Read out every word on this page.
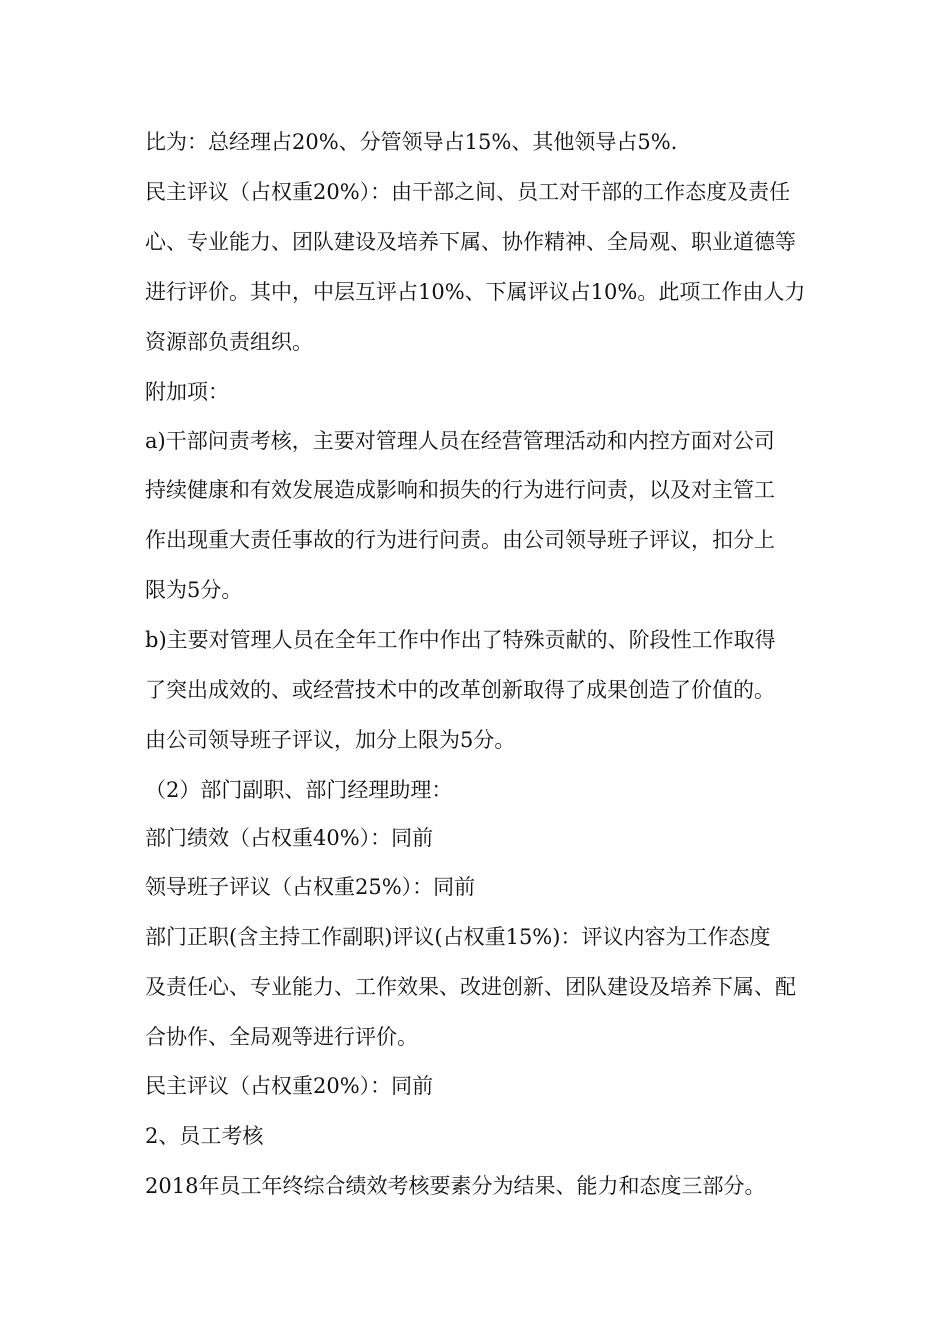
比为：总经理占20%、分管领导占15%、其他领导占5%.
民主评议（占权重20%）：由干部之间、员工对干部的工作态度及责任
心、专业能力、团队建设及培养下属、协作精神、全局观、职业道德等
进行评价。其中，中层互评占10%、下属评议占10%。此项工作由人力
资源部负责组织。
附加项：
a)干部问责考核，主要对管理人员在经营管理活动和内控方面对公司
持续健康和有效发展造成影响和损失的行为进行问责，以及对主管工
作出现重大责任事故的行为进行问责。由公司领导班子评议，扣分上
限为5分。
b)主要对管理人员在全年工作中作出了特殊贡献的、阶段性工作取得
了突出成效的、或经营技术中的改革创新取得了成果创造了价值的。
由公司领导班子评议，加分上限为5分。
（2）部门副职、部门经理助理：
部门绩效（占权重40%）：同前
领导班子评议（占权重25%）：同前
部门正职(含主持工作副职)评议(占权重15%)：评议内容为工作态度
及责任心、专业能力、工作效果、改进创新、团队建设及培养下属、配
合协作、全局观等进行评价。
民主评议（占权重20%）：同前
2、员工考核
2018年员工年终综合绩效考核要素分为结果、能力和态度三部分。
